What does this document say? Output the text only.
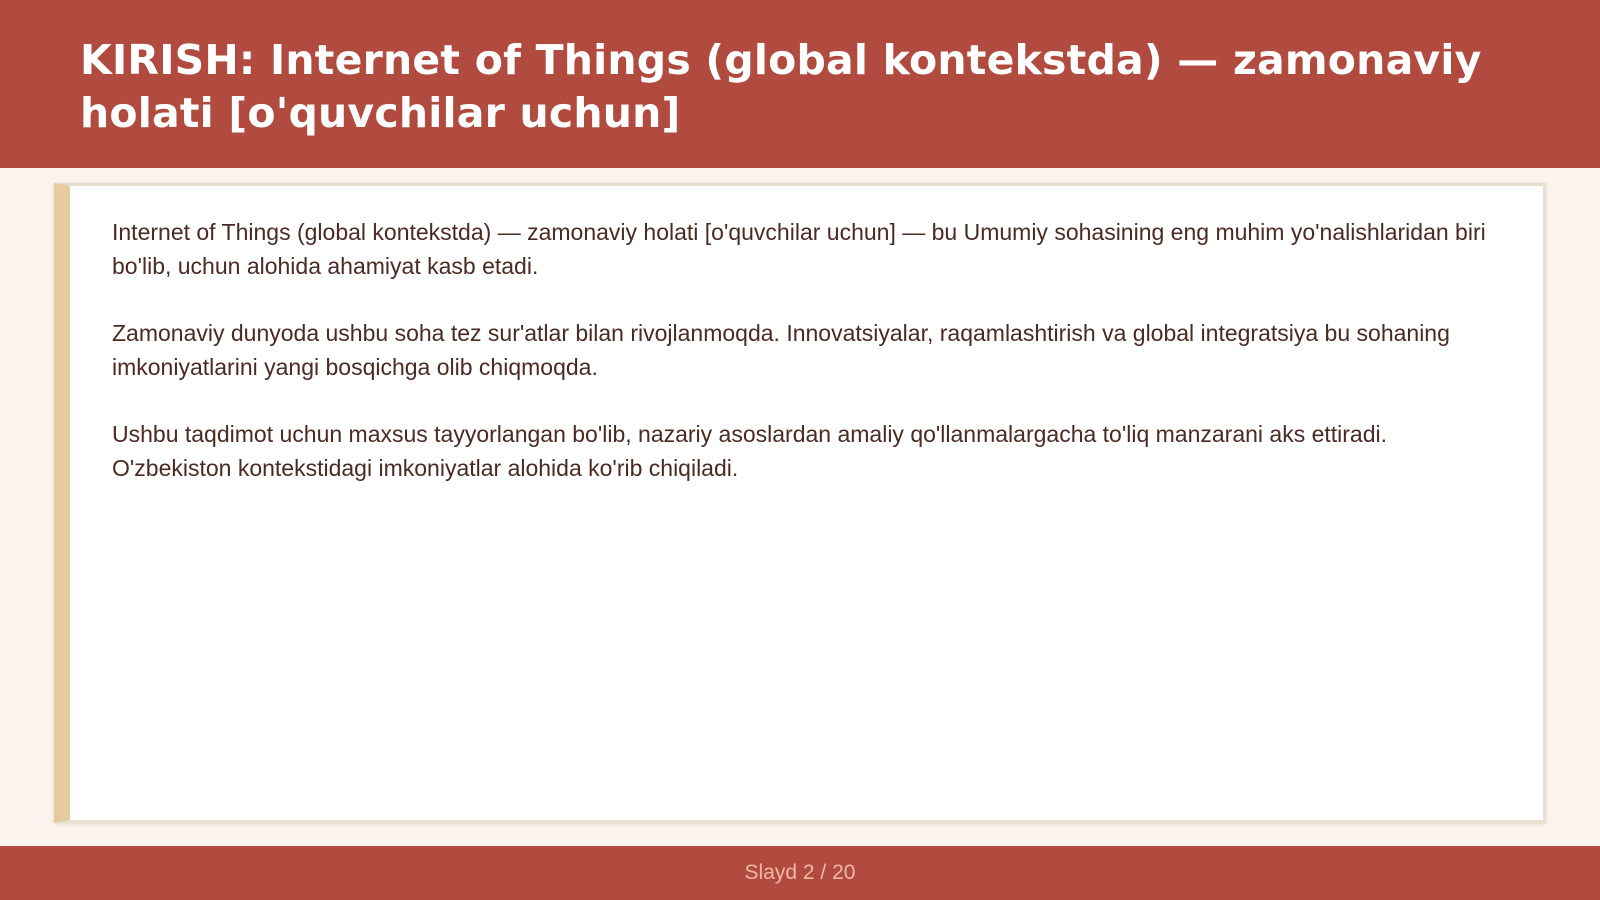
KIRISH: Internet of Things (global kontekstda) — zamonaviy holati [o'quvchilar uchun]

Internet of Things (global kontekstda) — zamonaviy holati [o'quvchilar uchun] — bu Umumiy sohasining eng muhim yo'nalishlaridan biri bo'lib, uchun alohida ahamiyat kasb etadi.

Zamonaviy dunyoda ushbu soha tez sur'atlar bilan rivojlanmoqda. Innovatsiyalar, raqamlashtirish va global integratsiya bu sohaning imkoniyatlarini yangi bosqichga olib chiqmoqda.

Ushbu taqdimot uchun maxsus tayyorlangan bo'lib, nazariy asoslardan amaliy qo'llanmalargacha to'liq manzarani aks ettiradi. O'zbekiston kontekstidagi imkoniyatlar alohida ko'rib chiqiladi.

Slayd 2 / 20
